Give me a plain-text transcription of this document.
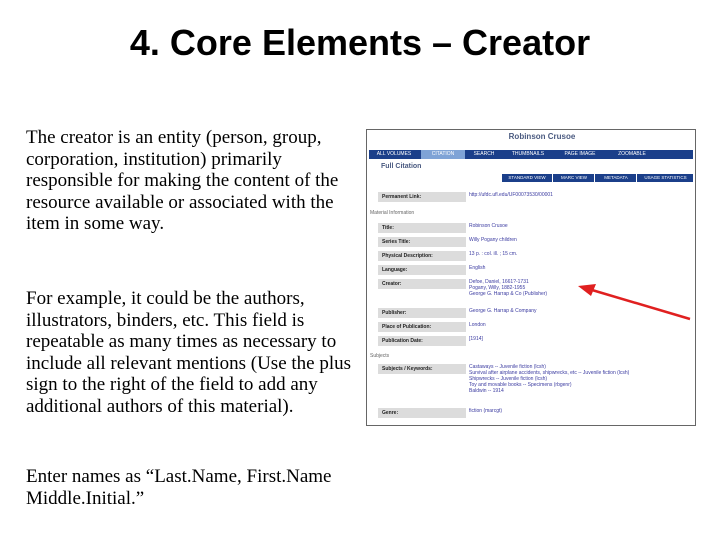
4. Core Elements – Creator

The creator is an entity (person, group, corporation, institution) primarily responsible for making the content of the resource available or associated with the item in some way.

For example, it could be the authors, illustrators, binders, etc. This field is repeatable as many times as necessary to include all relevant mentions (Use the plus sign to the right of the field to add any additional authors of this material).

Enter names as “Last.Name, First.Name Middle.Initial.”

Robinson Crusoe
ALL VOLUMES	CITATION	SEARCH	THUMBNAILS	PAGE IMAGE	ZOOMABLE
Full Citation
STANDARD VIEW	MARC VIEW	METADATA	USAGE STATISTICS
Permanent Link:	http://ufdc.ufl.edu/UF00073530/00001
Material Information
Title:	Robinson Crusoe
Series Title:	Willy Pogany children
Physical Description:	13 p. : col. ill. ; 15 cm.
Language:	English
Creator:	Defoe, Daniel, 1661?-1731
Pogany, Willy, 1882-1955
George G. Harrap & Co (Publisher)
Publisher:	George G. Harrap & Company
Place of Publication:	London
Publication Date:	[1914]
Subjects
Subjects / Keywords:	Castaways -- Juvenile fiction (lcsh)
Survival after airplane accidents, shipwrecks, etc -- Juvenile fiction (lcsh)
Shipwrecks -- Juvenile fiction (lcsh)
Toy and movable books -- Specimens (rbgenr)
Baldwin -- 1914
Genre:	fiction (marcgt)
